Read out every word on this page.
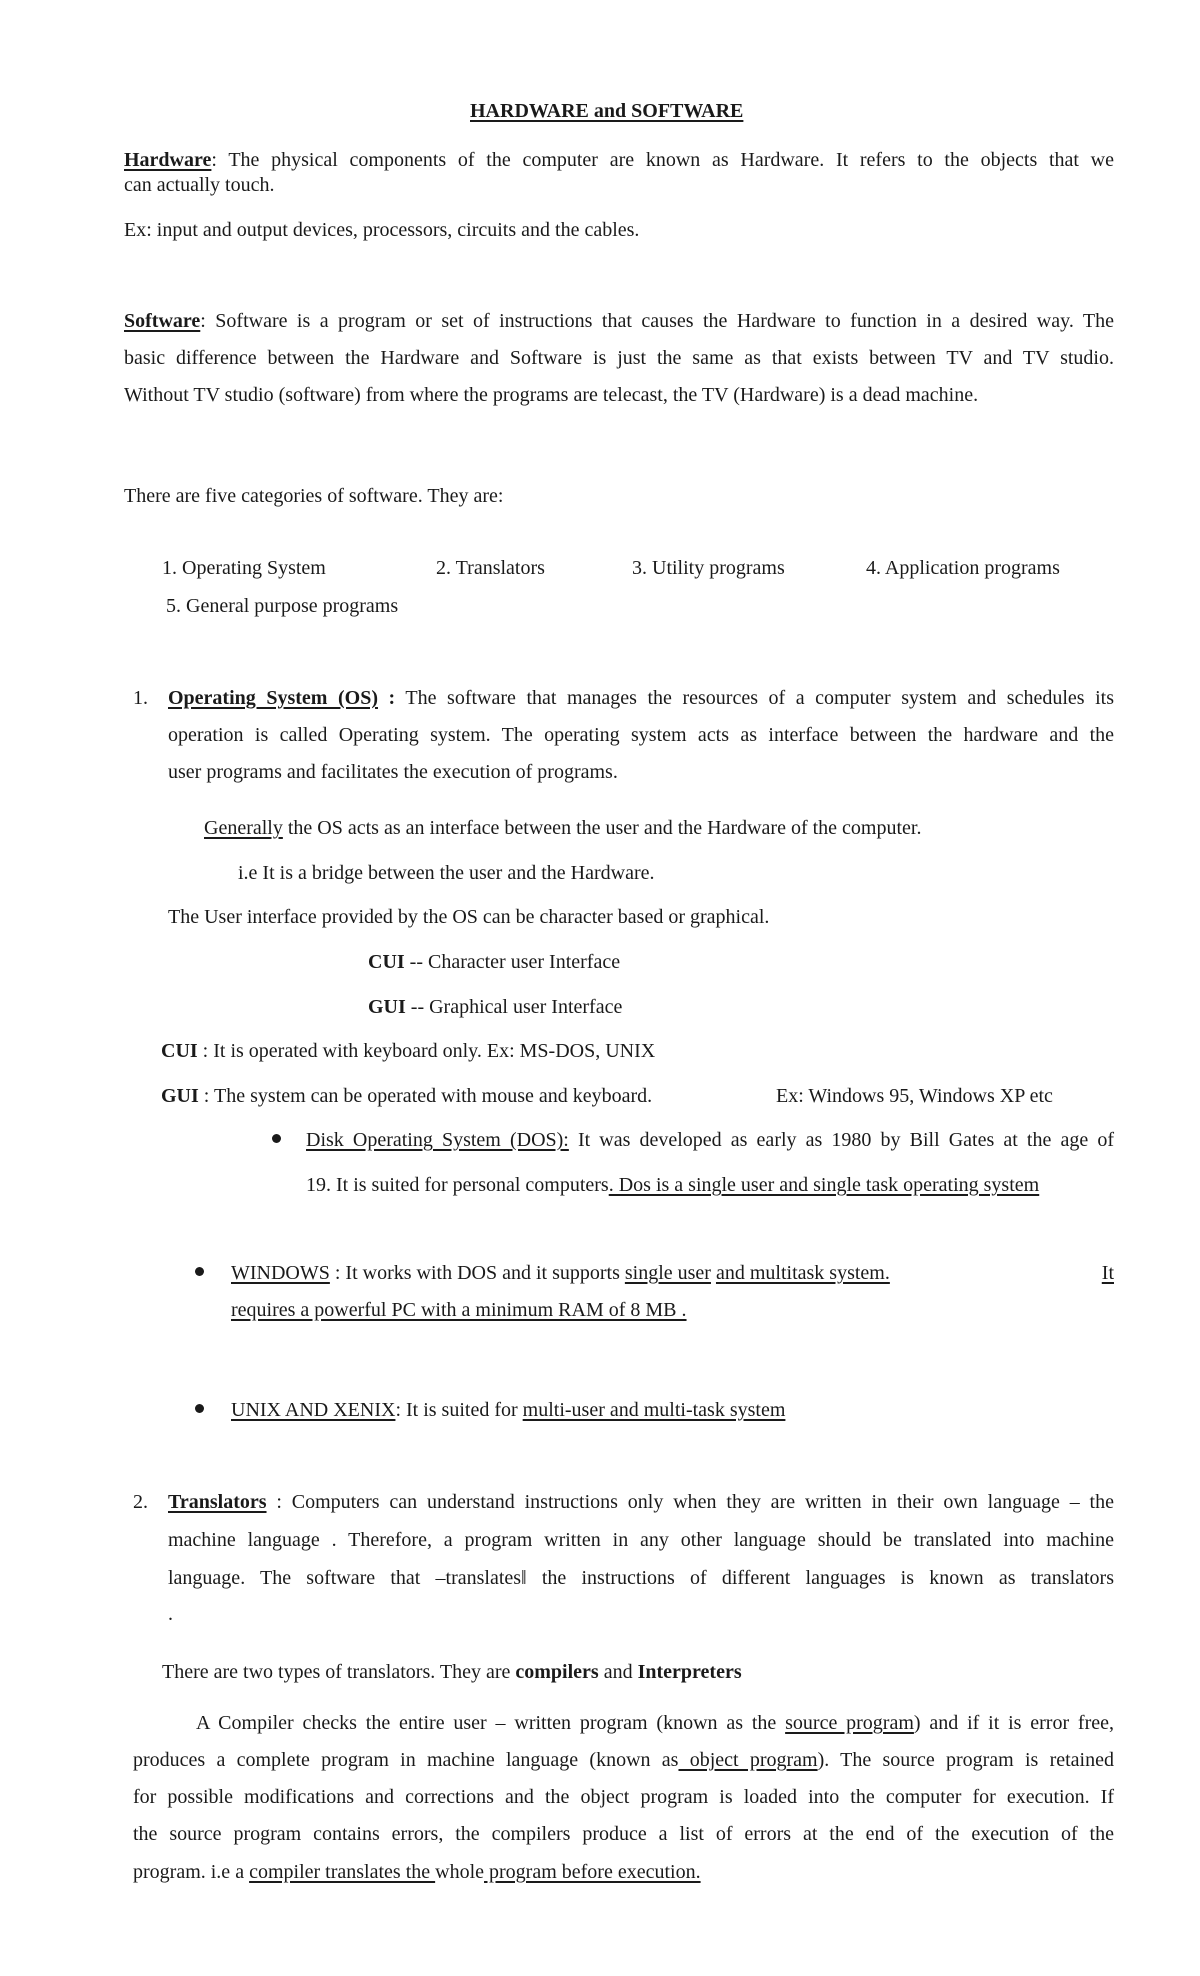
HARDWARE and SOFTWARE
Hardware: The physical components of the computer are known as Hardware. It refers to the objects that we
can actually touch.
Ex: input and output devices, processors, circuits and the cables.
Software: Software is a program or set of instructions that causes the Hardware to function in a desired way. The
basic difference between the Hardware and Software is just the same as that exists between TV and TV studio.
Without TV studio (software) from where the programs are telecast, the TV (Hardware) is a dead machine.
There are five categories of software. They are:
1. Operating System	2. Translators	3. Utility programs	4. Application programs
5. General purpose programs
1. Operating System (OS) : The software that manages the resources of a computer system and schedules its
operation is called Operating system. The operating system acts as interface between the hardware and the
user programs and facilitates the execution of programs.
Generally the OS acts as an interface between the user and the Hardware of the computer.
i.e It is a bridge between the user and the Hardware.
The User interface provided by the OS can be character based or graphical.
CUI -- Character user Interface
GUI -- Graphical user Interface
CUI : It is operated with keyboard only. Ex: MS-DOS, UNIX
GUI : The system can be operated with mouse and keyboard.	Ex: Windows 95, Windows XP etc
Disk Operating System (DOS): It was developed as early as 1980 by Bill Gates at the age of
19. It is suited for personal computers. Dos is a single user and single task operating system
WINDOWS : It works with DOS and it supports single user and multitask system.	It
requires a powerful PC with a minimum RAM of 8 MB .
UNIX AND XENIX: It is suited for multi-user and multi-task system
2. Translators : Computers can understand instructions only when they are written in their own language – the
machine language . Therefore, a program written in any other language should be translated into machine
language. The software that –translates‖ the instructions of different languages is known as translators
.
There are two types of translators. They are compilers and Interpreters
A Compiler checks the entire user – written program (known as the source program) and if it is error free,
produces a complete program in machine language (known as object program). The source program is retained
for possible modifications and corrections and the object program is loaded into the computer for execution. If
the source program contains errors, the compilers produce a list of errors at the end of the execution of the
program. i.e a compiler translates the whole program before execution.
